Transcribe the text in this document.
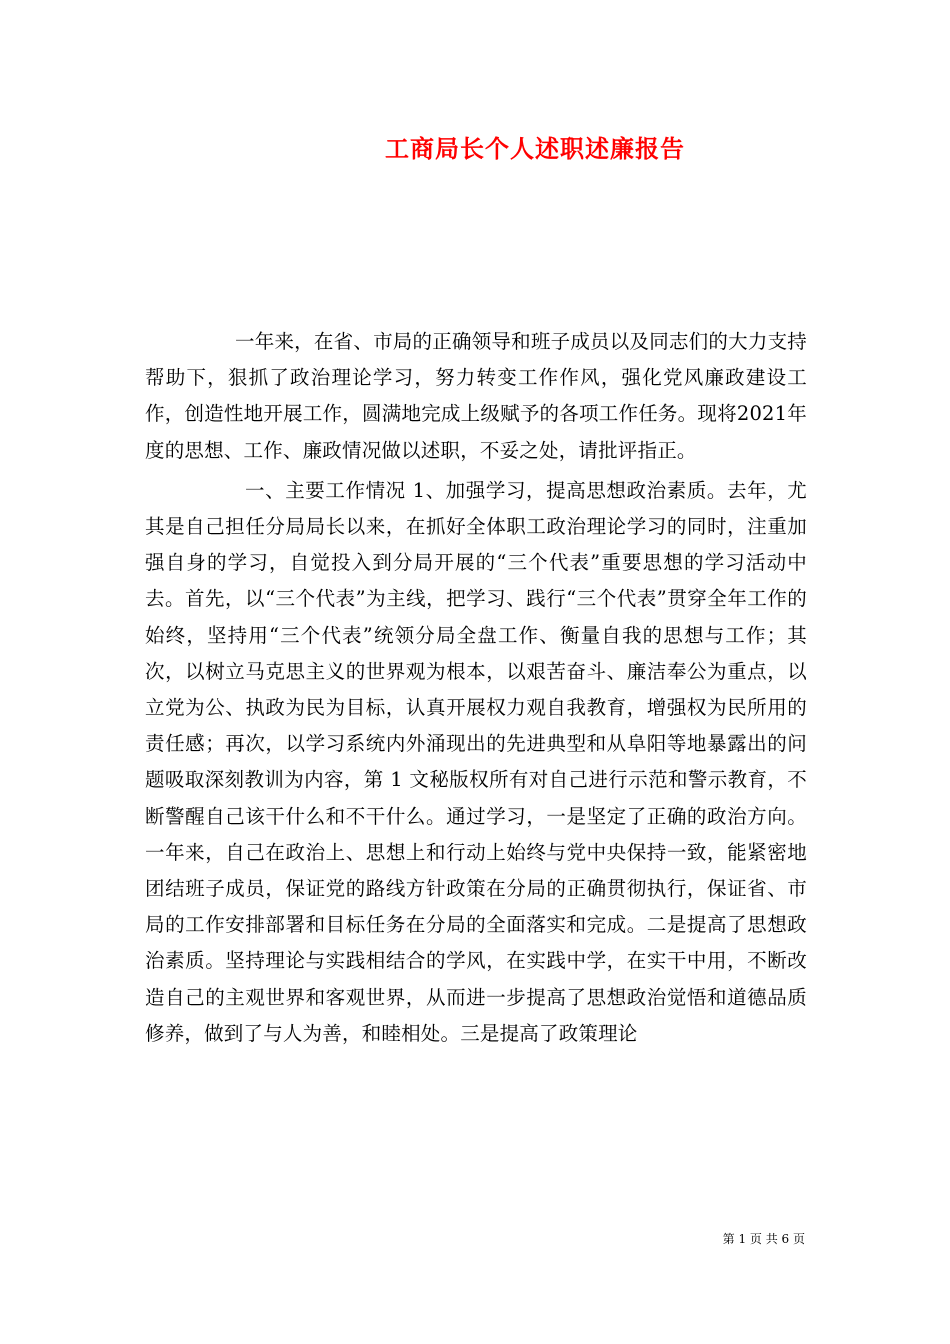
工商局长个人述职述廉报告

一年来，在省、市局的正确领导和班子成员以及同志们的大力支持帮助下，狠抓了政治理论学习，努力转变工作作风，强化党风廉政建设工作，创造性地开展工作，圆满地完成上级赋予的各项工作任务。现将2021年度的思想、工作、廉政情况做以述职，不妥之处，请批评指正。

一、主要工作情况 1、加强学习，提高思想政治素质。去年，尤其是自己担任分局局长以来，在抓好全体职工政治理论学习的同时，注重加强自身的学习，自觉投入到分局开展的“三个代表”重要思想的学习活动中去。首先，以“三个代表”为主线，把学习、践行“三个代表”贯穿全年工作的始终，坚持用“三个代表”统领分局全盘工作、衡量自我的思想与工作；其次，以树立马克思主义的世界观为根本，以艰苦奋斗、廉洁奉公为重点，以立党为公、执政为民为目标，认真开展权力观自我教育，增强权为民所用的责任感；再次，以学习系统内外涌现出的先进典型和从阜阳等地暴露出的问题吸取深刻教训为内容，第 1 文秘版权所有对自己进行示范和警示教育，不断警醒自己该干什么和不干什么。通过学习，一是坚定了正确的政治方向。一年来，自己在政治上、思想上和行动上始终与党中央保持一致，能紧密地团结班子成员，保证党的路线方针政策在分局的正确贯彻执行，保证省、市局的工作安排部署和目标任务在分局的全面落实和完成。二是提高了思想政治素质。坚持理论与实践相结合的学风，在实践中学，在实干中用，不断改造自己的主观世界和客观世界，从而进一步提高了思想政治觉悟和道德品质修养，做到了与人为善，和睦相处。三是提高了政策理论

第 1 页 共 6 页
